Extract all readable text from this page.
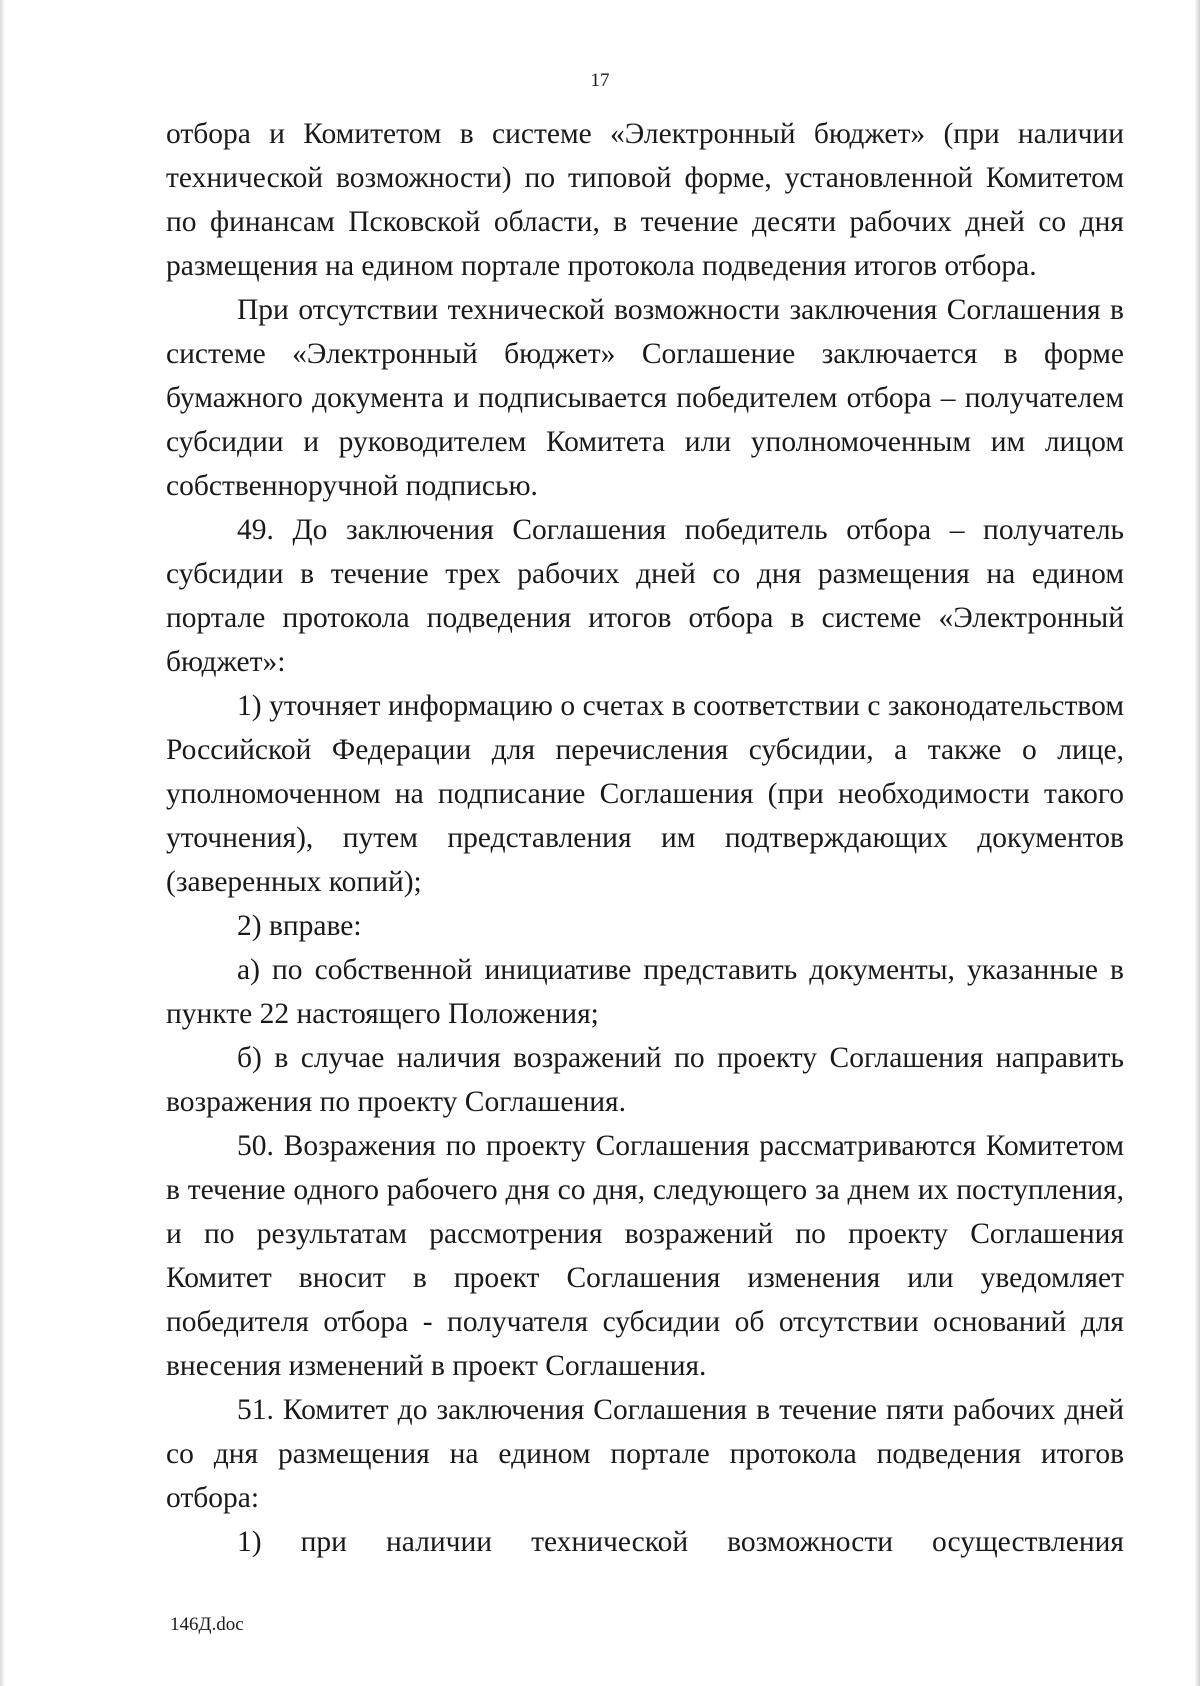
17

отбора и Комитетом в системе «Электронный бюджет» (при наличии технической возможности) по типовой форме, установленной Комитетом по финансам Псковской области, в течение десяти рабочих дней со дня размещения на едином портале протокола подведения итогов отбора.

При отсутствии технической возможности заключения Соглашения в системе «Электронный бюджет» Соглашение заключается в форме бумажного документа и подписывается победителем отбора – получателем субсидии и руководителем Комитета или уполномоченным им лицом собственноручной подписью.

49. До заключения Соглашения победитель отбора – получатель субсидии в течение трех рабочих дней со дня размещения на едином портале протокола подведения итогов отбора в системе «Электронный бюджет»:

1) уточняет информацию о счетах в соответствии с законодательством Российской Федерации для перечисления субсидии, а также о лице, уполномоченном на подписание Соглашения (при необходимости такого уточнения), путем представления им подтверждающих документов (заверенных копий);

2) вправе:

а) по собственной инициативе представить документы, указанные в пункте 22 настоящего Положения;

б) в случае наличия возражений по проекту Соглашения направить возражения по проекту Соглашения.

50. Возражения по проекту Соглашения рассматриваются Комитетом в течение одного рабочего дня со дня, следующего за днем их поступления, и по результатам рассмотрения возражений по проекту Соглашения Комитет вносит в проект Соглашения изменения или уведомляет победителя отбора - получателя субсидии об отсутствии оснований для внесения изменений в проект Соглашения.

51. Комитет до заключения Соглашения в течение пяти рабочих дней со дня размещения на едином портале протокола подведения итогов отбора:

1) при наличии технической возможности осуществления

146Д.doc
